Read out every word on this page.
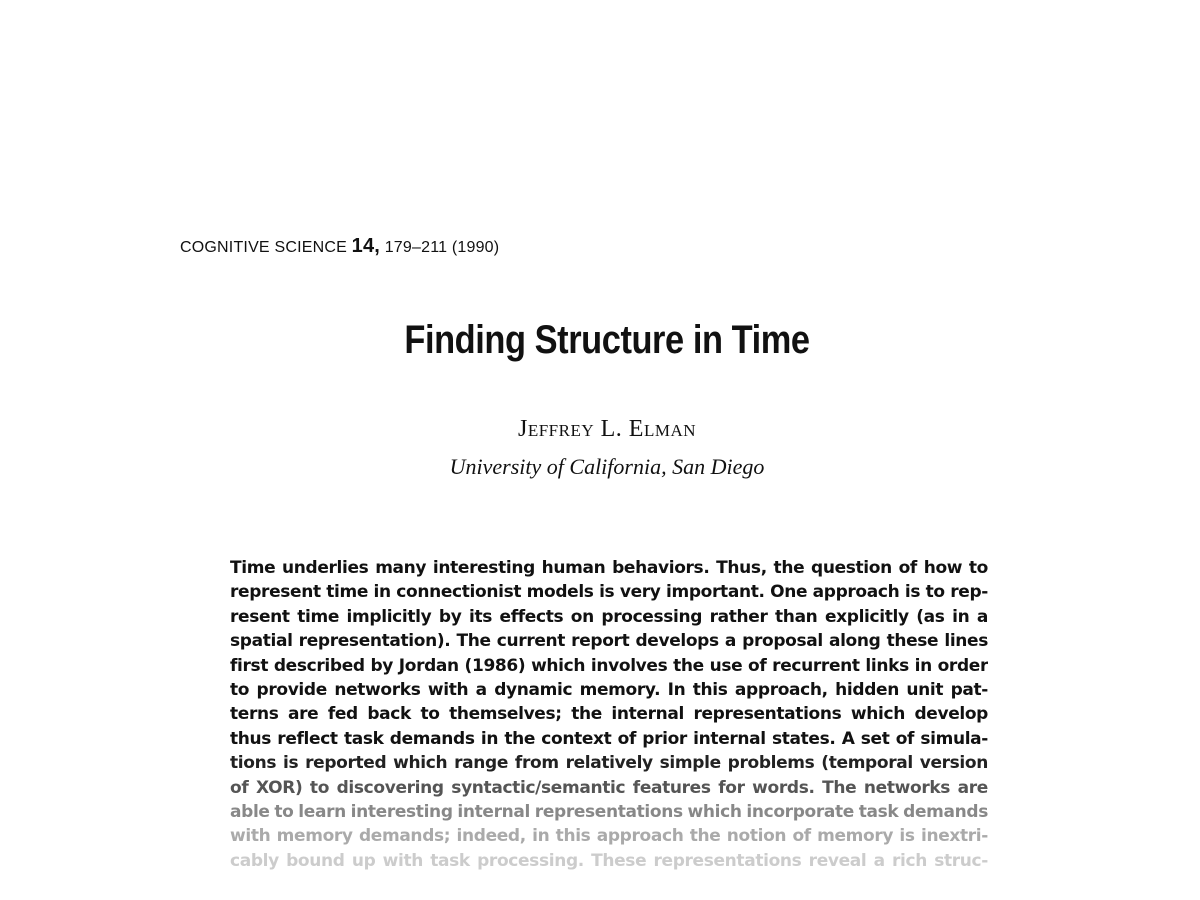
COGNITIVE SCIENCE 14, 179–211 (1990)
Finding Structure in Time
Jeffrey L. Elman
University of California, San Diego
Time underlies many interesting human behaviors. Thus, the question of how to
represent time in connectionist models is very important. One approach is to rep-
resent time implicitly by its effects on processing rather than explicitly (as in a
spatial representation). The current report develops a proposal along these lines
first described by Jordan (1986) which involves the use of recurrent links in order
to provide networks with a dynamic memory. In this approach, hidden unit pat-
terns are fed back to themselves; the internal representations which develop
thus reflect task demands in the context of prior internal states. A set of simula-
tions is reported which range from relatively simple problems (temporal version
of XOR) to discovering syntactic/semantic features for words. The networks are
able to learn interesting internal representations which incorporate task demands
with memory demands; indeed, in this approach the notion of memory is inextri-
cably bound up with task processing. These representations reveal a rich struc-
